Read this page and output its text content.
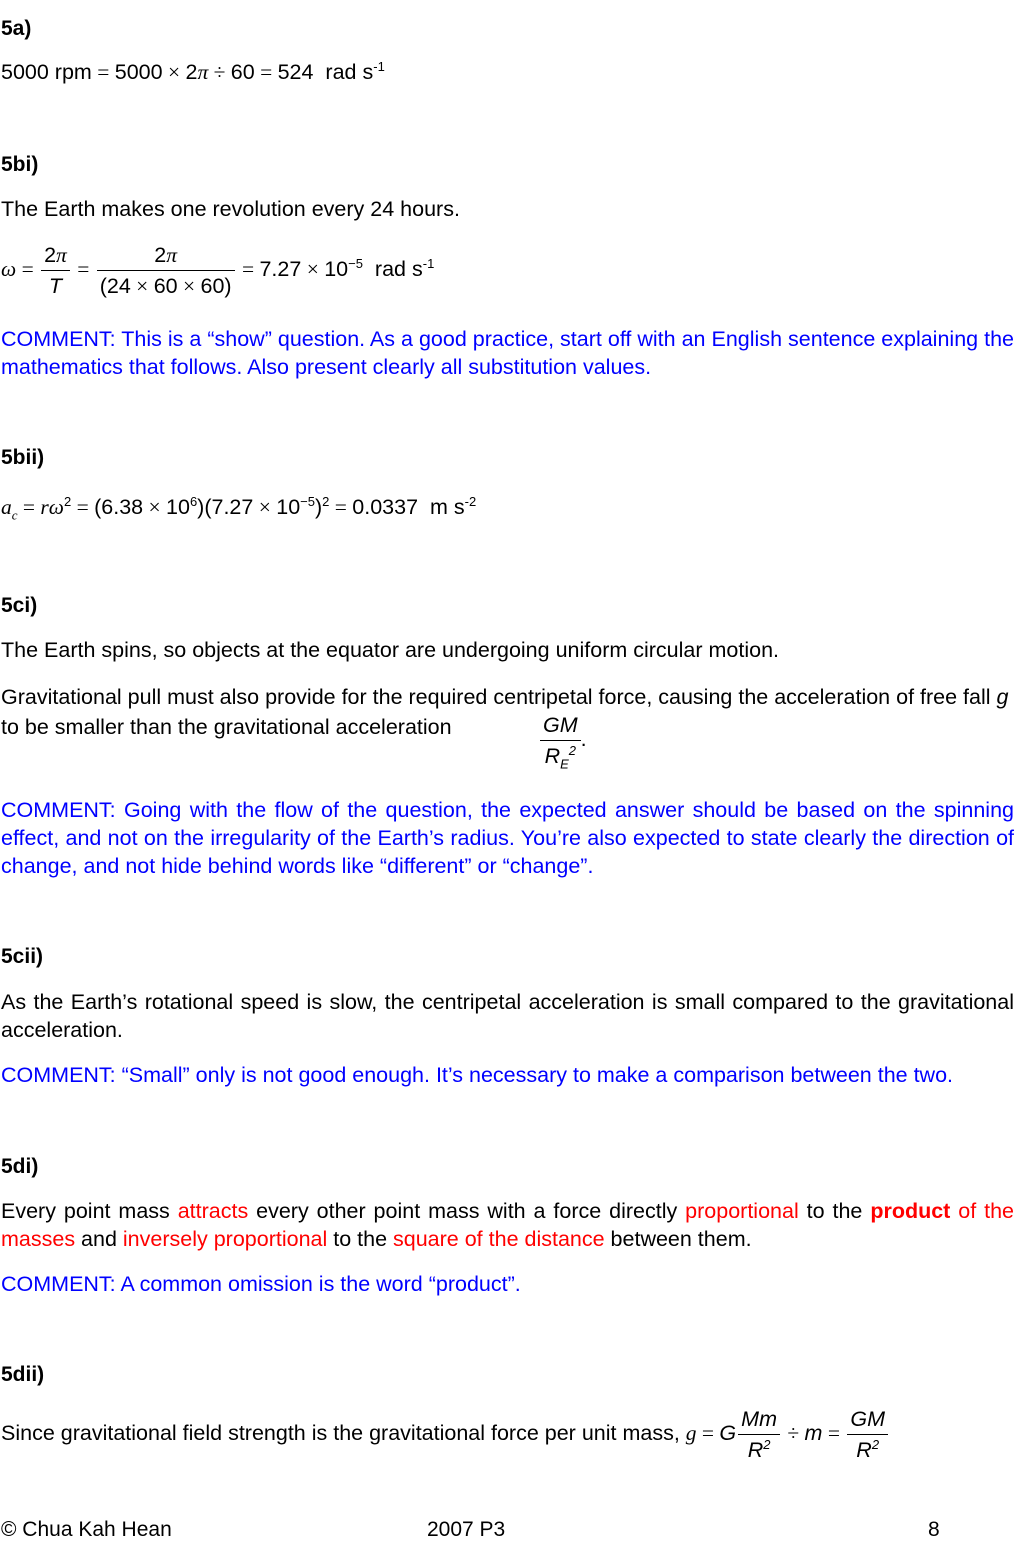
5a)
5000 rpm = 5000 × 2π ÷ 60 = 524 rad $s^{-1}$
5bi)
The Earth makes one revolution every 24 hours.
$\omega = \frac{2\pi}{T} = \frac{2\pi}{(24 \times 60 \times 60)} = 7.27 \times 10^{-5}$ rad $s^{-1}$
COMMENT: This is a “show” question. As a good practice, start off with an English sentence explaining the mathematics that follows. Also present clearly all substitution values.
5bii)
$a_c = r\omega^2 = (6.38 \times 10^6)(7.27 \times 10^{-5})^2 = 0.0337$ m $s^{-2}$
5ci)
The Earth spins, so objects at the equator are undergoing uniform circular motion.
Gravitational pull must also provide for the required centripetal force, causing the acceleration of free fall g to be smaller than the gravitational acceleration	$\frac{GM}{R_E^2}$ .
COMMENT: Going with the flow of the question, the expected answer should be based on the spinning effect, and not on the irregularity of the Earth’s radius. You’re also expected to state clearly the direction of change, and not hide behind words like “different” or “change”.
5cii)
As the Earth’s rotational speed is slow, the centripetal acceleration is small compared to the gravitational acceleration.
COMMENT: “Small” only is not good enough. It’s necessary to make a comparison between the two.
5di)
Every point mass attracts every other point mass with a force directly proportional to the product of the masses and inversely proportional to the square of the distance between them.
COMMENT: A common omission is the word “product”.
5dii)
Since gravitational field strength is the gravitational force per unit mass, g = G $\frac{Mm}{R^2} \div m = \frac{GM}{R^2}$
© Chua Kah Hean	2007 P3	8
